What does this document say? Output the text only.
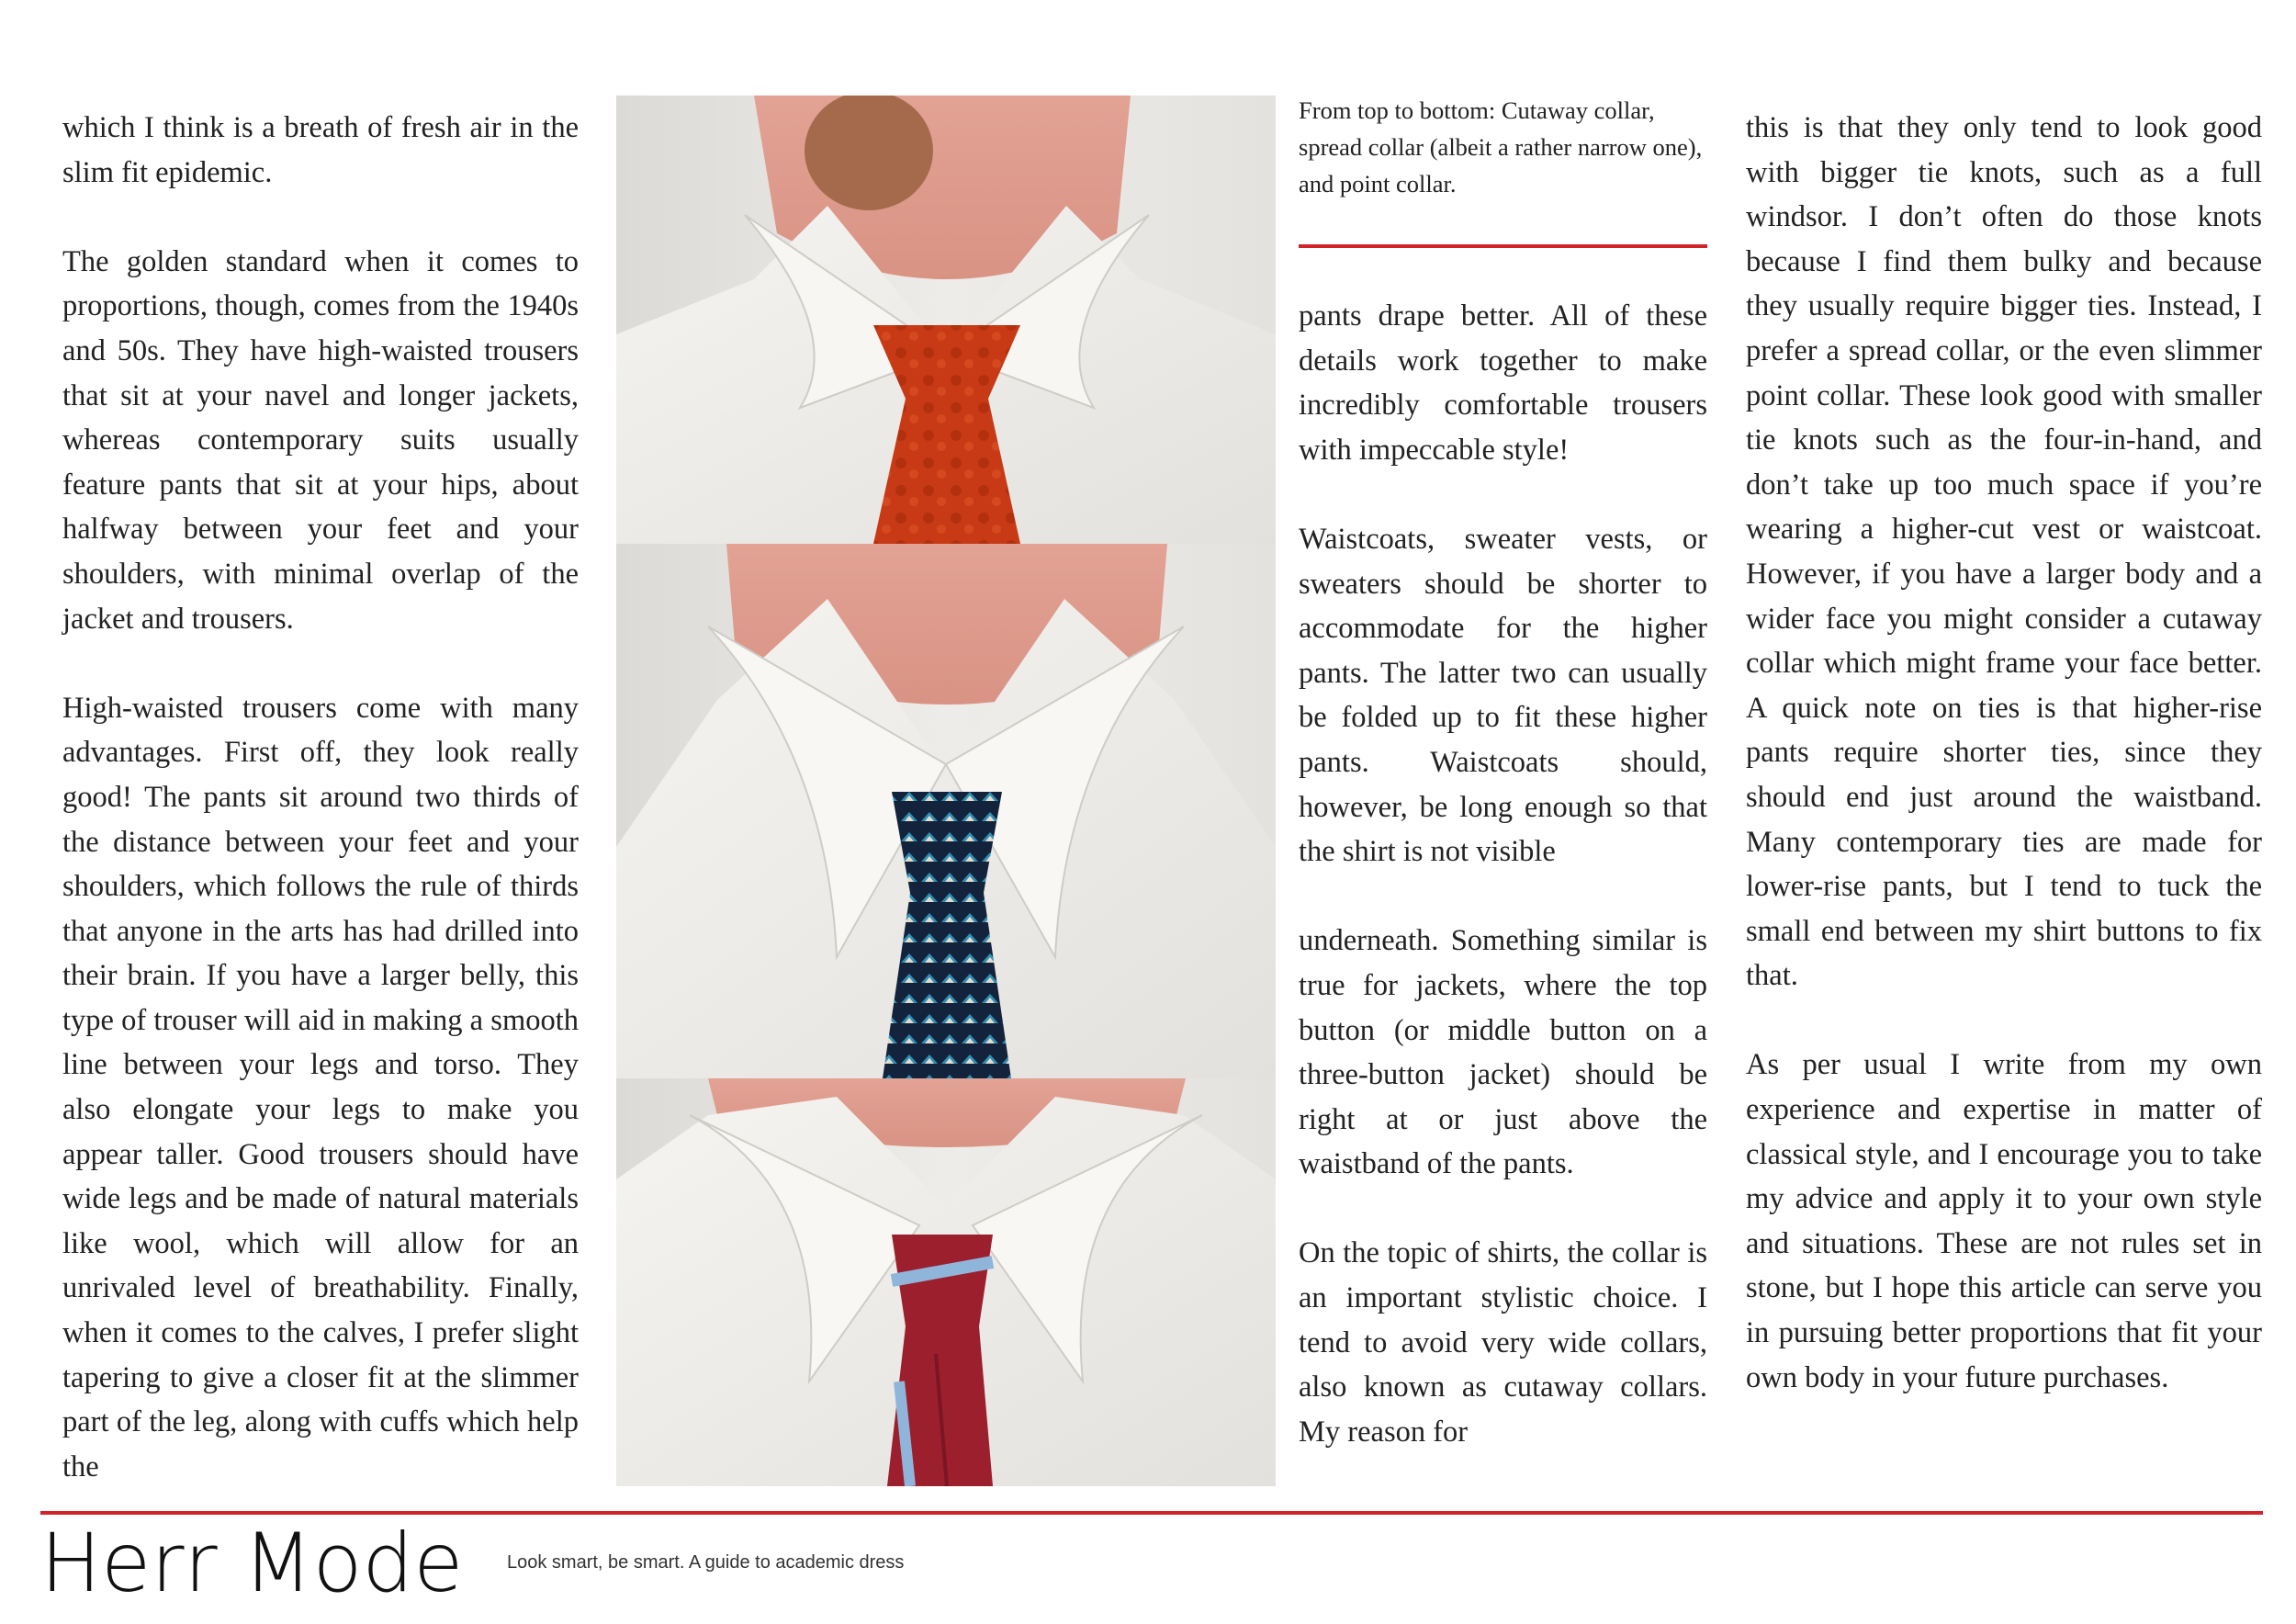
which I think is a breath of fresh air in the slim fit epidemic.

The golden standard when it comes to proportions, though, comes from the 1940s and 50s. They have high-waisted trousers that sit at your navel and longer jackets, whereas contemporary suits usually feature pants that sit at your hips, about halfway between your feet and your shoulders, with minimal overlap of the jacket and trousers.

High-waisted trousers come with many advantages. First off, they look really good! The pants sit around two thirds of the distance between your feet and your shoulders, which follows the rule of thirds that anyone in the arts has had drilled into their brain. If you have a larger belly, this type of trouser will aid in making a smooth line between your legs and torso. They also elongate your legs to make you appear taller. Good trousers should have wide legs and be made of natural materials like wool, which will allow for an unrivaled level of breathability. Finally, when it comes to the calves, I prefer slight tapering to give a closer fit at the slimmer part of the leg, along with cuffs which help the

From top to bottom: Cutaway collar, spread collar (albeit a rather narrow one), and point collar.

pants drape better. All of these details work together to make incredibly comfortable trousers with impeccable style!

Waistcoats, sweater vests, or sweaters should be shorter to accommodate for the higher pants. The latter two can usually be folded up to fit these higher pants. Waistcoats should, however, be long enough so that the shirt is not visible

underneath. Something similar is true for jackets, where the top button (or middle button on a three-button jacket) should be right at or just above the waistband of the pants.

On the topic of shirts, the collar is an important stylistic choice. I tend to avoid very wide collars, also known as cutaway collars. My reason for

this is that they only tend to look good with bigger tie knots, such as a full windsor. I don’t often do those knots because I find them bulky and because they usually require bigger ties. Instead, I prefer a spread collar, or the even slimmer point collar. These look good with smaller tie knots such as the four-in-hand, and don’t take up too much space if you’re wearing a higher-cut vest or waistcoat. However, if you have a larger body and a wider face you might consider a cutaway collar which might frame your face better. A quick note on ties is that higher-rise pants require shorter ties, since they should end just around the waistband. Many contemporary ties are made for lower-rise pants, but I tend to tuck the small end between my shirt buttons to fix that.

As per usual I write from my own experience and expertise in matter of classical style, and I encourage you to take my advice and apply it to your own style and situations. These are not rules set in stone, but I hope this article can serve you in pursuing better proportions that fit your own body in your future purchases.

Herr Mode Look smart, be smart. A guide to academic dress
